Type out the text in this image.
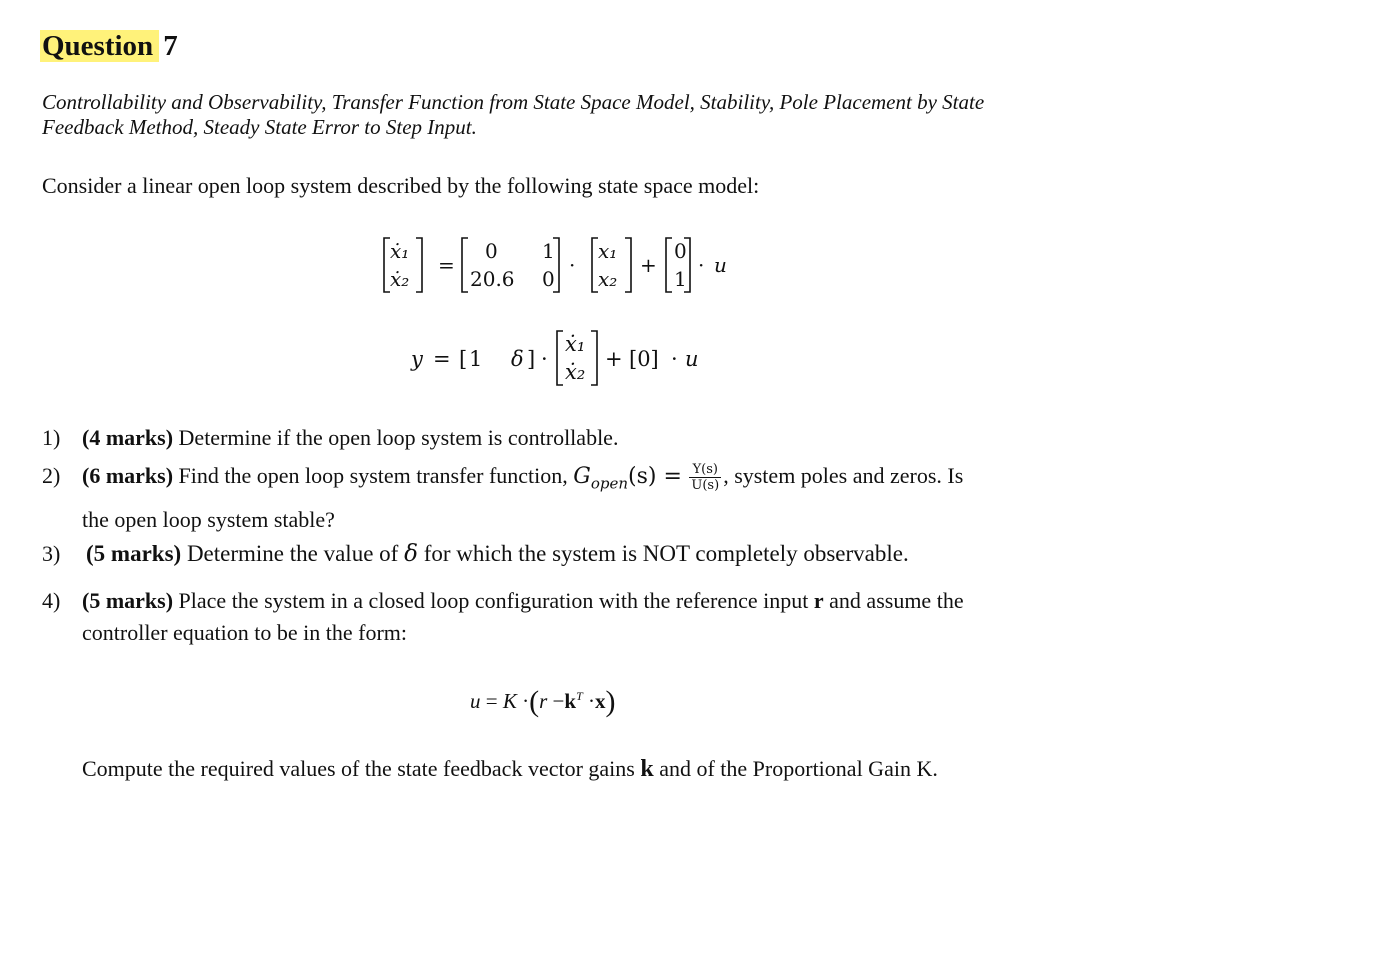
Question 7
Controllability and Observability, Transfer Function from State Space Model, Stability, Pole Placement by State Feedback Method, Steady State Error to Step Input.
Consider a linear open loop system described by the following state space model:
ẋ₁
ẋ₂
=
0 1
20.6 0
·
x₁
x₂
+
0
1
· u
y = [ 1 δ ] ·
ẋ₁
ẋ₂
+ [0] · u
1) (4 marks) Determine if the open loop system is controllable.
2) (6 marks) Find the open loop system transfer function, $G_{open}(s) = \frac{Y(s)}{U(s)}$ , system poles and zeros. Is
the open loop system stable?
3) (5 marks) Determine the value of δ for which the system is NOT completely observable.
4) (5 marks) Place the system in a closed loop configuration with the reference input r and assume the
controller equation to be in the form:
$u = K \cdot(r -k^T \cdot x)$
Compute the required values of the state feedback vector gains k and of the Proportional Gain K.
